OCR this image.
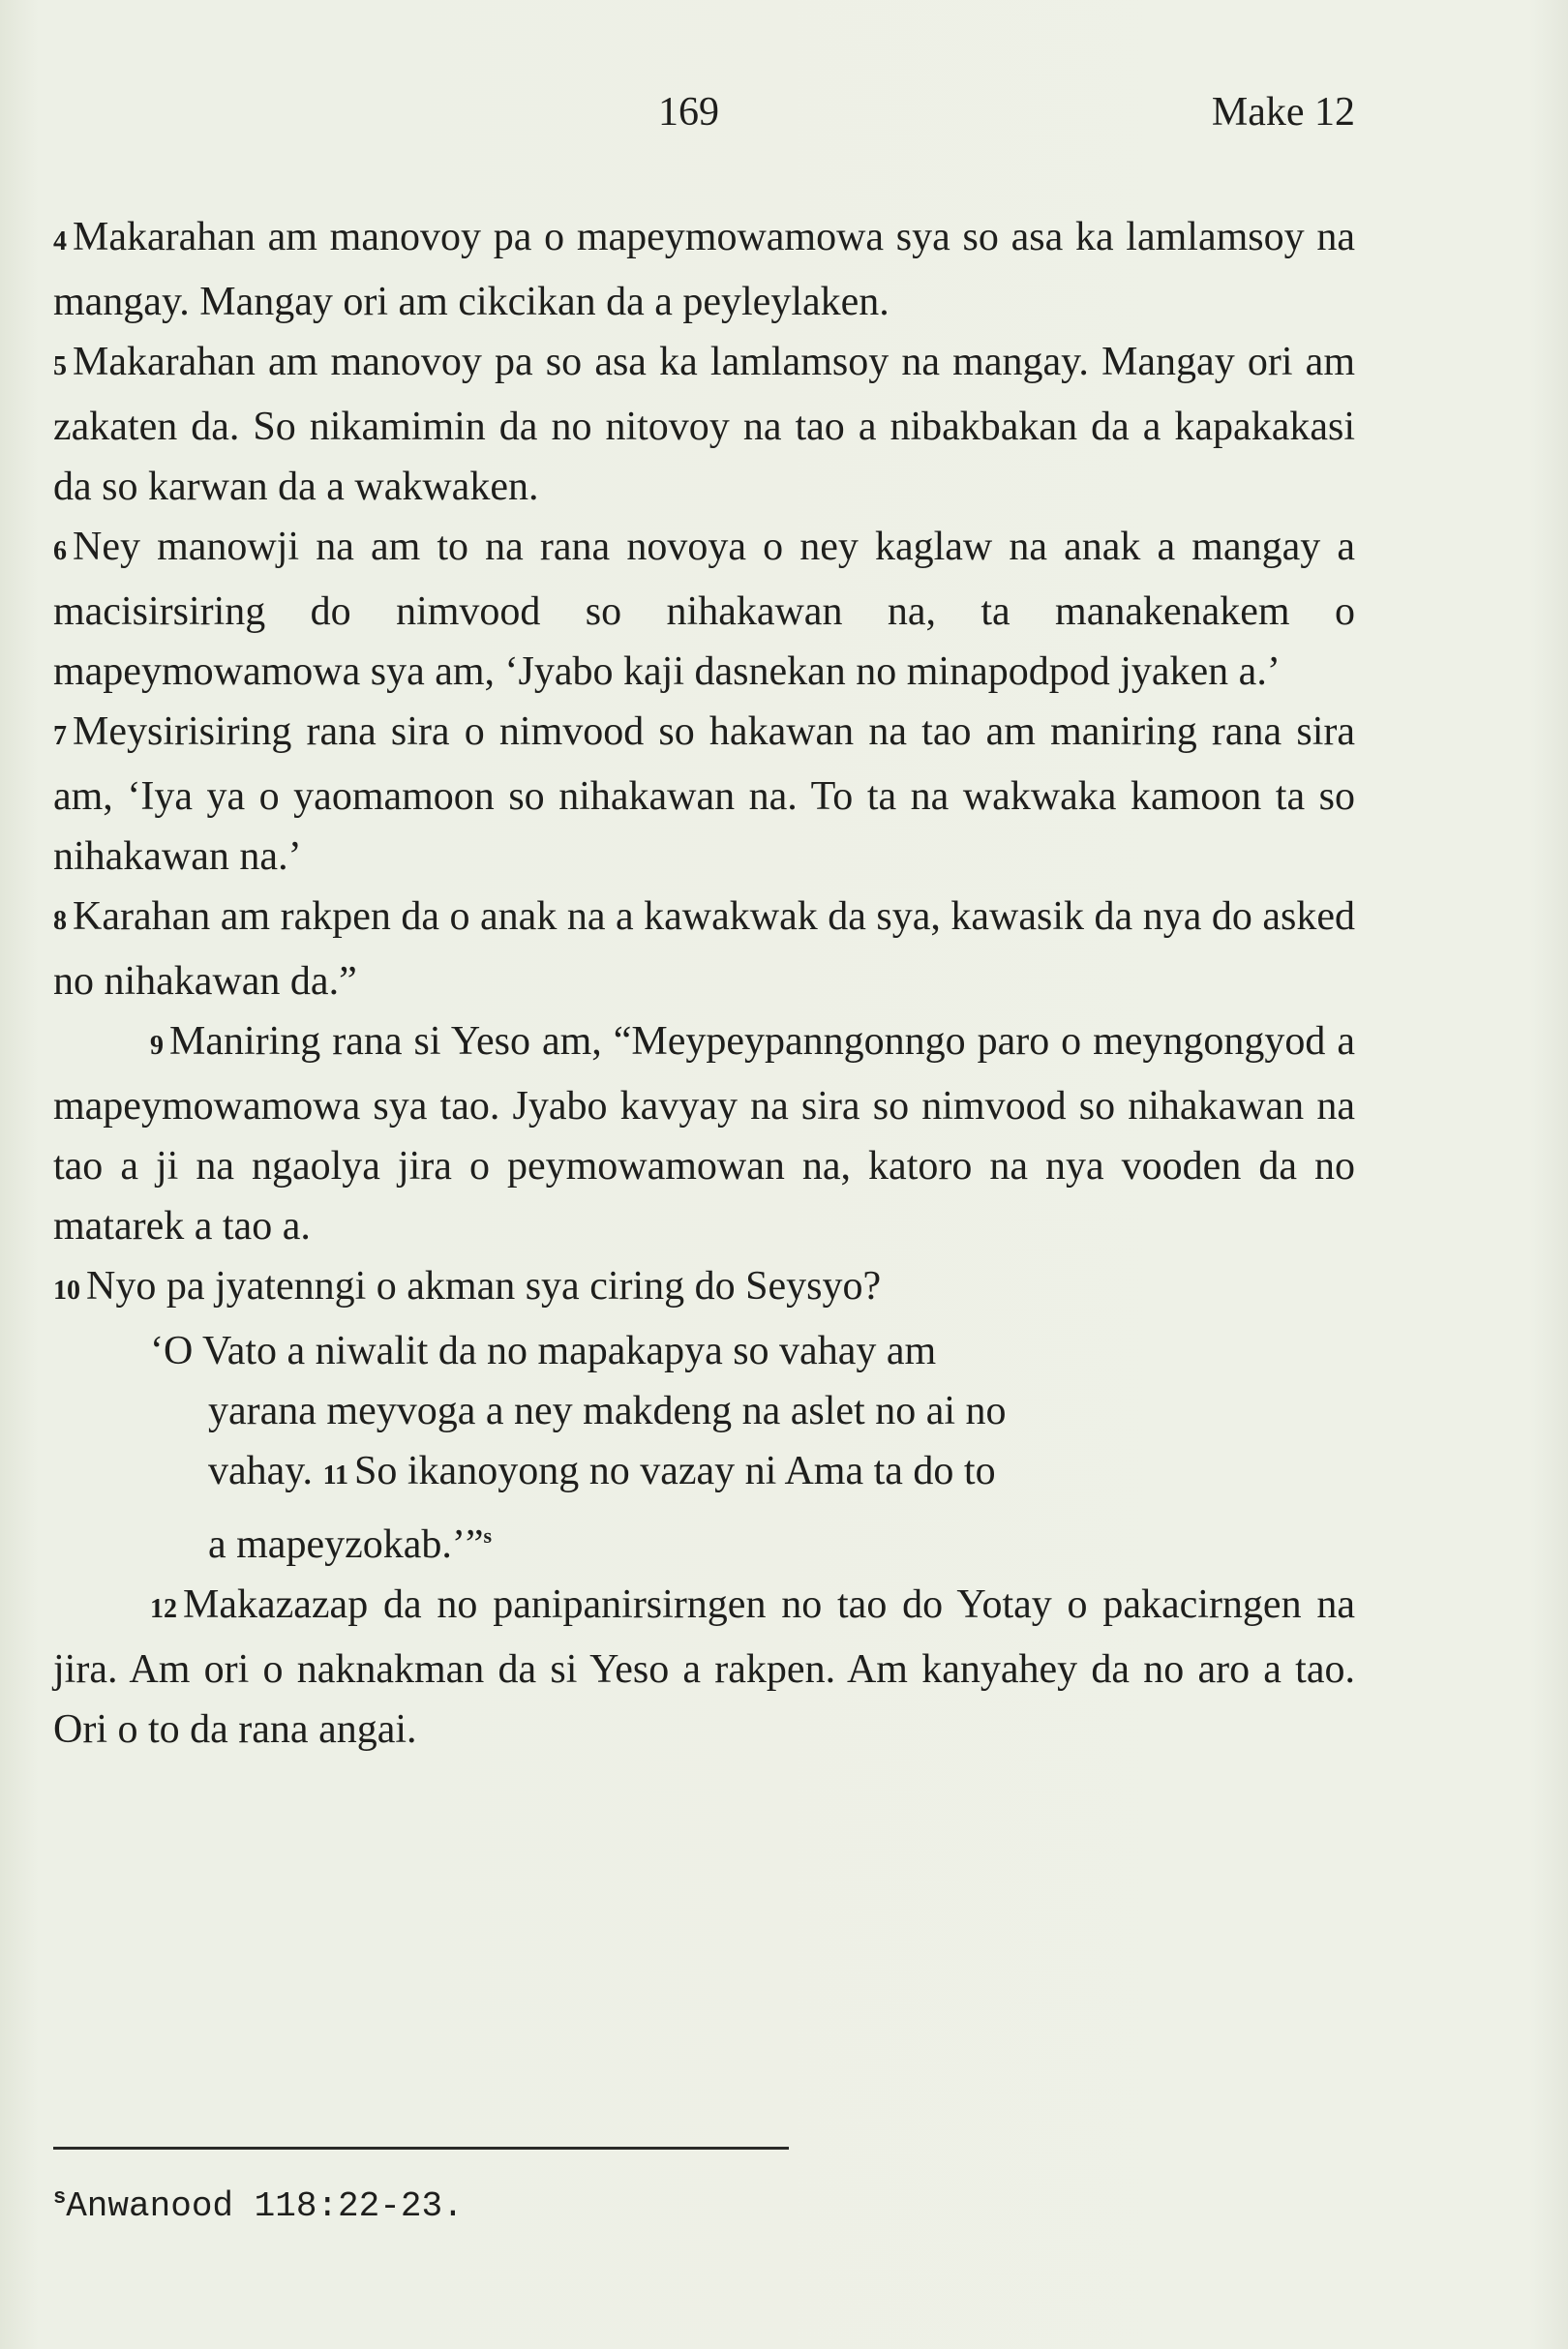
169	Make 12

4 Makarahan am manovoy pa o mapeymowamowa sya so asa ka lamlamsoy na mangay. Mangay ori am cikcikan da a peyleylaken.

5 Makarahan am manovoy pa so asa ka lamlamsoy na mangay. Mangay ori am zakaten da. So nikamimin da no nitovoy na tao a nibakbakan da a kapakakasi da so karwan da a wakwaken.

6 Ney manowji na am to na rana novoya o ney kaglaw na anak a mangay a macisirsiring do nimvood so nihakawan na, ta manakenakem o mapeymowamowa sya am, ‘Jyabo kaji dasnekan no minapodpod jyaken a.’

7 Meysirisiring rana sira o nimvood so hakawan na tao am maniring rana sira am, ‘Iya ya o yaomamoon so nihakawan na. To ta na wakwaka kamoon ta so nihakawan na.’

8 Karahan am rakpen da o anak na a kawakwak da sya, kawasik da nya do asked no nihakawan da.”

9 Maniring rana si Yeso am, “Meypeypanngonngo paro o meyngongyod a mapeymowamowa sya tao. Jyabo kavyay na sira so nimvood so nihakawan na tao a ji na ngaolya jira o peymowamowan na, katoro na nya vooden da no matarek a tao a.

10 Nyo pa jyatenngi o akman sya ciring do Seysyo?

‘O Vato a niwalit da no mapakapya so vahay am
yarana meyvoga a ney makdeng na aslet no ai no
vahay. 11 So ikanoyong no vazay ni Ama ta do to
a mapeyzokab.’”$^s$

12 Makazazap da no panipanirsirngen no tao do Yotay o pakacirngen na jira. Am ori o naknakman da si Yeso a rakpen. Am kanyahey da no aro a tao. Ori o to da rana angai.

$^s$Anwanood 118:22-23.
